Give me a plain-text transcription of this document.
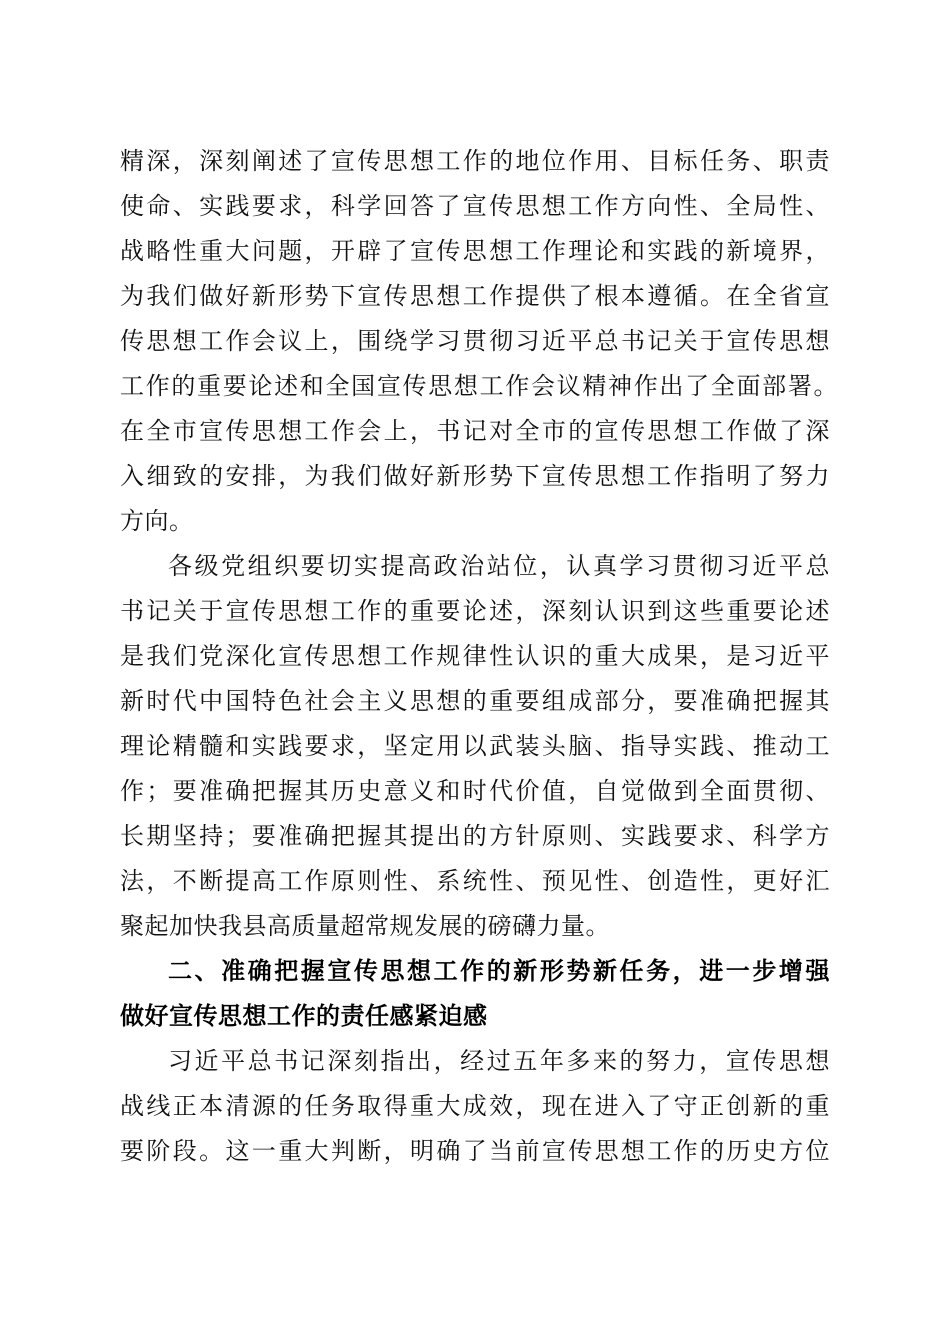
精深，深刻阐述了宣传思想工作的地位作用、目标任务、职责
使命、实践要求，科学回答了宣传思想工作方向性、全局性、
战略性重大问题，开辟了宣传思想工作理论和实践的新境界，
为我们做好新形势下宣传思想工作提供了根本遵循。在全省宣
传思想工作会议上，围绕学习贯彻习近平总书记关于宣传思想
工作的重要论述和全国宣传思想工作会议精神作出了全面部署。
在全市宣传思想工作会上，书记对全市的宣传思想工作做了深
入细致的安排，为我们做好新形势下宣传思想工作指明了努力
方向。
各级党组织要切实提高政治站位，认真学习贯彻习近平总
书记关于宣传思想工作的重要论述，深刻认识到这些重要论述
是我们党深化宣传思想工作规律性认识的重大成果，是习近平
新时代中国特色社会主义思想的重要组成部分，要准确把握其
理论精髓和实践要求，坚定用以武装头脑、指导实践、推动工
作；要准确把握其历史意义和时代价值，自觉做到全面贯彻、
长期坚持；要准确把握其提出的方针原则、实践要求、科学方
法，不断提高工作原则性、系统性、预见性、创造性，更好汇
聚起加快我县高质量超常规发展的磅礴力量。
二、准确把握宣传思想工作的新形势新任务，进一步增强
做好宣传思想工作的责任感紧迫感
习近平总书记深刻指出，经过五年多来的努力，宣传思想
战线正本清源的任务取得重大成效，现在进入了守正创新的重
要阶段。这一重大判断，明确了当前宣传思想工作的历史方位
